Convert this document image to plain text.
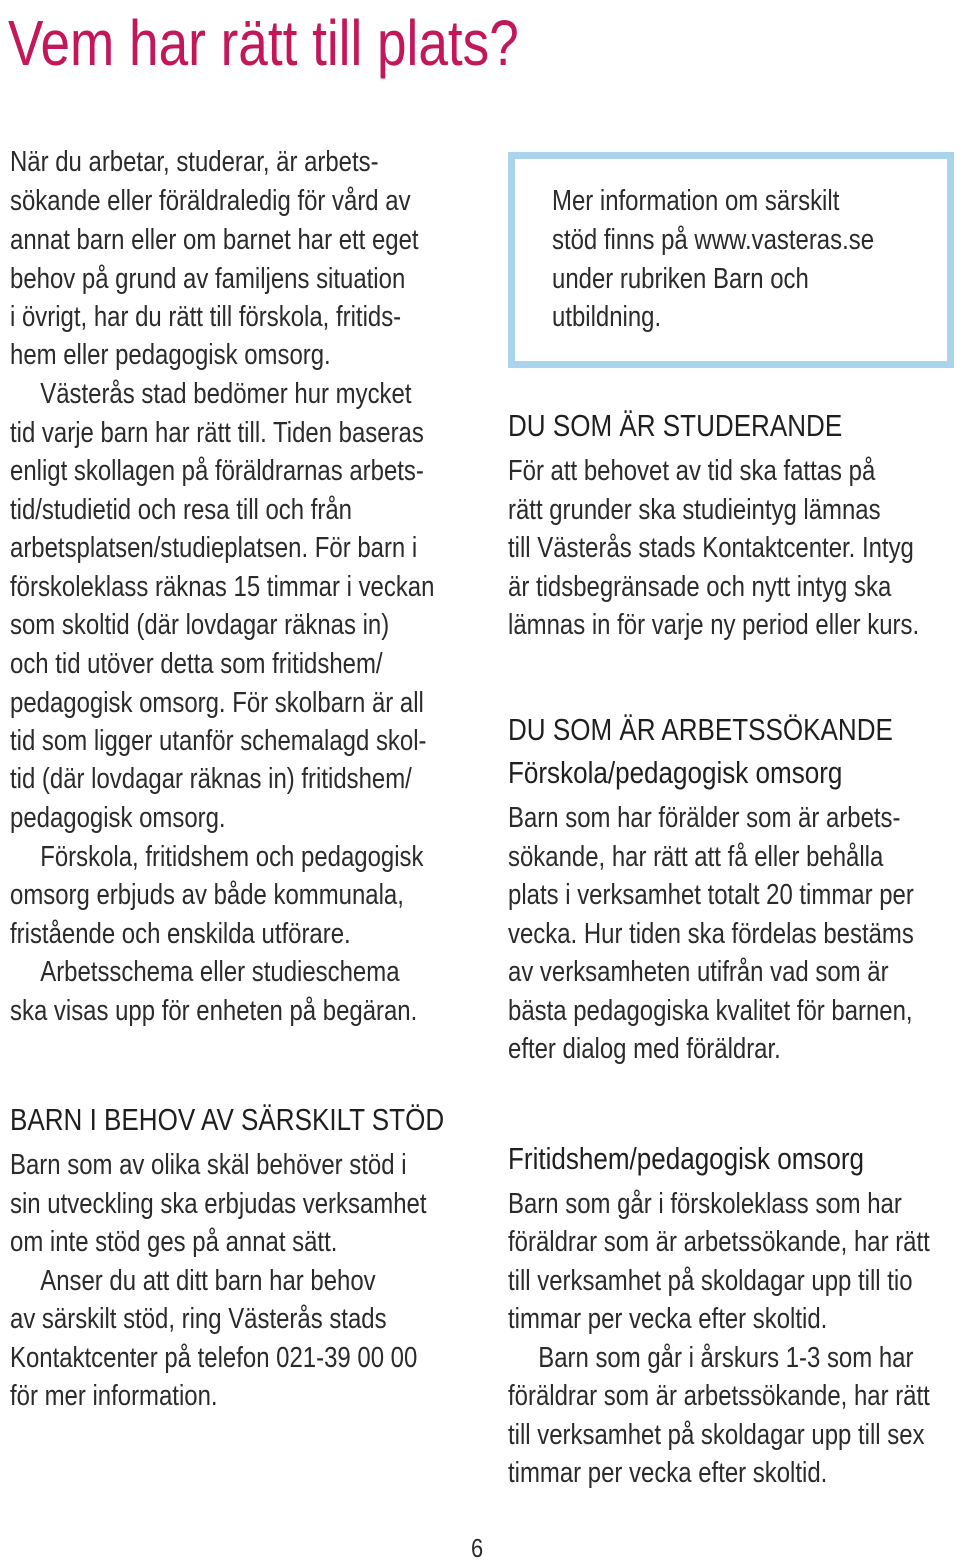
Vem har rätt till plats?
När du arbetar, studerar, är arbets-
sökande eller föräldraledig för vård av
annat barn eller om barnet har ett eget
behov på grund av familjens situation
i övrigt, har du rätt till förskola, fritids-
hem eller pedagogisk omsorg.
Västerås stad bedömer hur mycket
tid varje barn har rätt till. Tiden baseras
enligt skollagen på föräldrarnas arbets-
tid/studietid och resa till och från
arbetsplatsen/studieplatsen. För barn i
förskoleklass räknas 15 timmar i veckan
som skoltid (där lovdagar räknas in)
och tid utöver detta som fritidshem/
pedagogisk omsorg. För skolbarn är all
tid som ligger utanför schemalagd skol-
tid (där lovdagar räknas in) fritidshem/
pedagogisk omsorg.
Förskola, fritidshem och pedagogisk
omsorg erbjuds av både kommunala,
fristående och enskilda utförare.
Arbetsschema eller studieschema
ska visas upp för enheten på begäran.
BARN I BEHOV AV SÄRSKILT STÖD
Barn som av olika skäl behöver stöd i
sin utveckling ska erbjudas verksamhet
om inte stöd ges på annat sätt.
Anser du att ditt barn har behov
av särskilt stöd, ring Västerås stads
Kontaktcenter på telefon 021-39 00 00
för mer information.
Mer information om särskilt
stöd finns på www.vasteras.se
under rubriken Barn och
utbildning.
DU SOM ÄR STUDERANDE
För att behovet av tid ska fattas på
rätt grunder ska studieintyg lämnas
till Västerås stads Kontaktcenter. Intyg
är tidsbegränsade och nytt intyg ska
lämnas in för varje ny period eller kurs.
DU SOM ÄR ARBETSSÖKANDE
Förskola/pedagogisk omsorg
Barn som har förälder som är arbets-
sökande, har rätt att få eller behålla
plats i verksamhet totalt 20 timmar per
vecka. Hur tiden ska fördelas bestäms
av verksamheten utifrån vad som är
bästa pedagogiska kvalitet för barnen,
efter dialog med föräldrar.
Fritidshem/pedagogisk omsorg
Barn som går i förskoleklass som har
föräldrar som är arbetssökande, har rätt
till verksamhet på skoldagar upp till tio
timmar per vecka efter skoltid.
Barn som går i årskurs 1-3 som har
föräldrar som är arbetssökande, har rätt
till verksamhet på skoldagar upp till sex
timmar per vecka efter skoltid.
6
